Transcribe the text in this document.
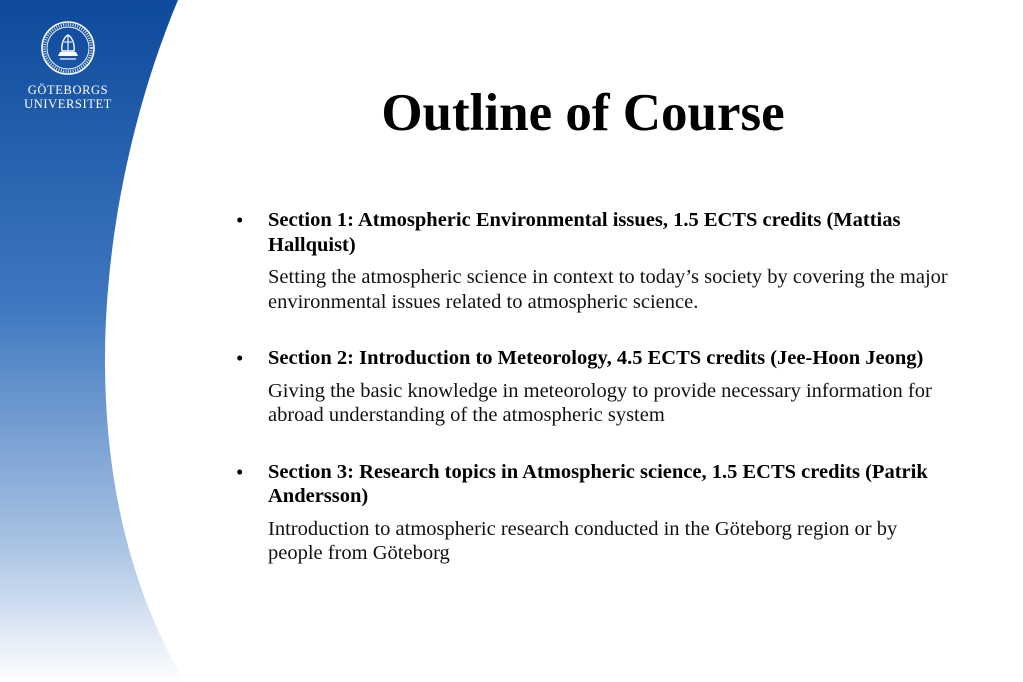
GÖTEBORGS
UNIVERSITET	Outline of Course
• Section 1: Atmospheric Environmental issues, 1.5 ECTS credits (Mattias Hallquist)

Setting the atmospheric science in context to today’s society by covering the major environmental issues related to atmospheric science.

• Section 2: Introduction to Meteorology, 4.5 ECTS credits (Jee-Hoon Jeong)

Giving the basic knowledge in meteorology to provide necessary information for abroad understanding of the atmospheric system

• Section 3: Research topics in Atmospheric science, 1.5 ECTS credits (Patrik Andersson)

Introduction to atmospheric research conducted in the Göteborg region or by people from Göteborg
